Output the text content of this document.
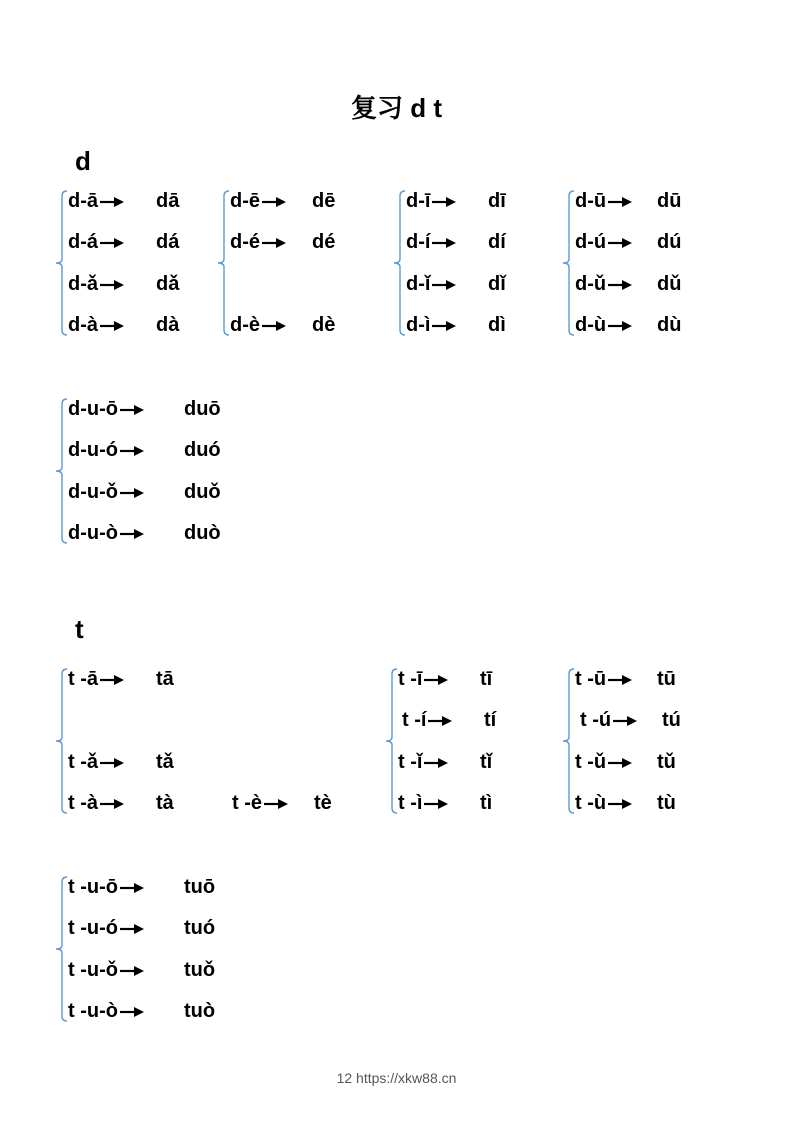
复习 d t
d
d-ā	dā
d-á	dá
d-ǎ	dǎ
d-à	dà
d-ē	dē
d-é	dé
d-è	dè
d-ī	dī
d-í	dí
d-ǐ	dǐ
d-ì	dì
d-ū	dū
d-ú	dú
d-ǔ	dǔ
d-ù	dù
d-u-ō	duō
d-u-ó	duó
d-u-ǒ	duǒ
d-u-ò	duò
t
t -ā	tā
t -ǎ	tǎ
t -à	tà	t -è	tè
t -ī	tī
t -í	tí
t -ǐ	tǐ
t -ì	tì
t -ū	tū
t -ú	tú
t -ǔ	tǔ
t -ù	tù
t -u-ō	tuō
t -u-ó	tuó
t -u-ǒ	tuǒ
t -u-ò	tuò
12 https://xkw88.cn
